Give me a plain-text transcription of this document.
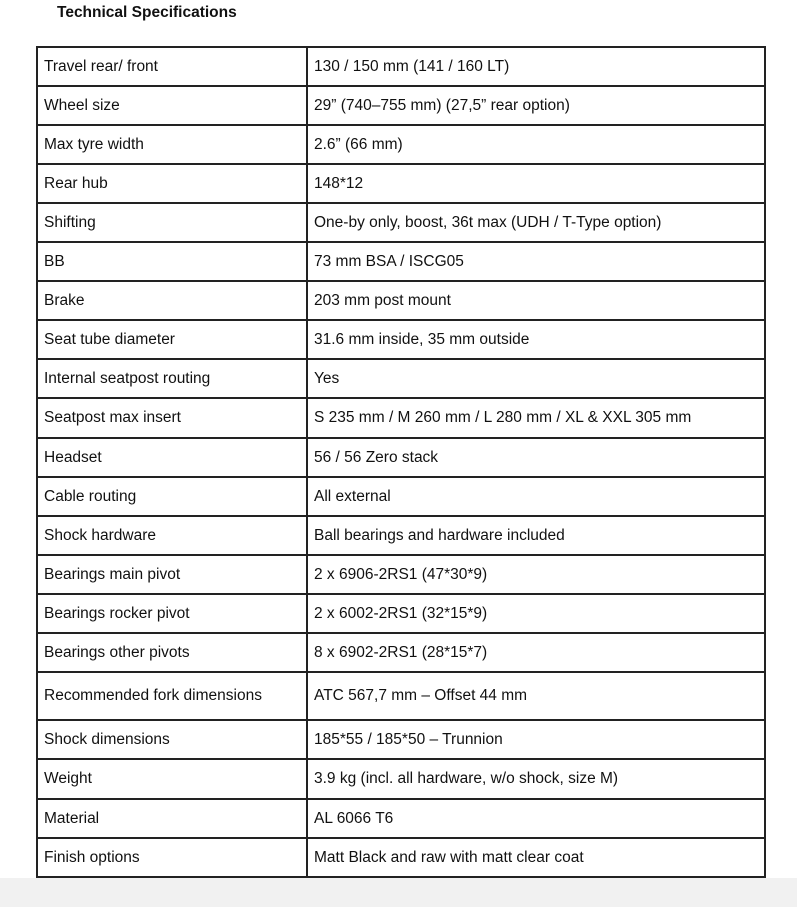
Technical Specifications
Travel rear/ front	130 / 150 mm (141 / 160 LT)
Wheel size	29” (740–755 mm) (27,5” rear option)
Max tyre width	2.6” (66 mm)
Rear hub	148*12
Shifting	One-by only, boost, 36t max (UDH / T-Type option)
BB	73 mm BSA / ISCG05
Brake	203 mm post mount
Seat tube diameter	31.6 mm inside, 35 mm outside
Internal seatpost routing	Yes
Seatpost max insert	S 235 mm / M 260 mm / L 280 mm / XL & XXL 305 mm
Headset	56 / 56 Zero stack
Cable routing	All external
Shock hardware	Ball bearings and hardware included
Bearings main pivot	2 x 6906-2RS1 (47*30*9)
Bearings rocker pivot	2 x 6002-2RS1 (32*15*9)
Bearings other pivots	8 x 6902-2RS1 (28*15*7)
Recommended fork dimensions	ATC 567,7 mm – Offset 44 mm
Shock dimensions	185*55 / 185*50 – Trunnion
Weight	3.9 kg (incl. all hardware, w/o shock, size M)
Material	AL 6066 T6
Finish options	Matt Black and raw with matt clear coat
